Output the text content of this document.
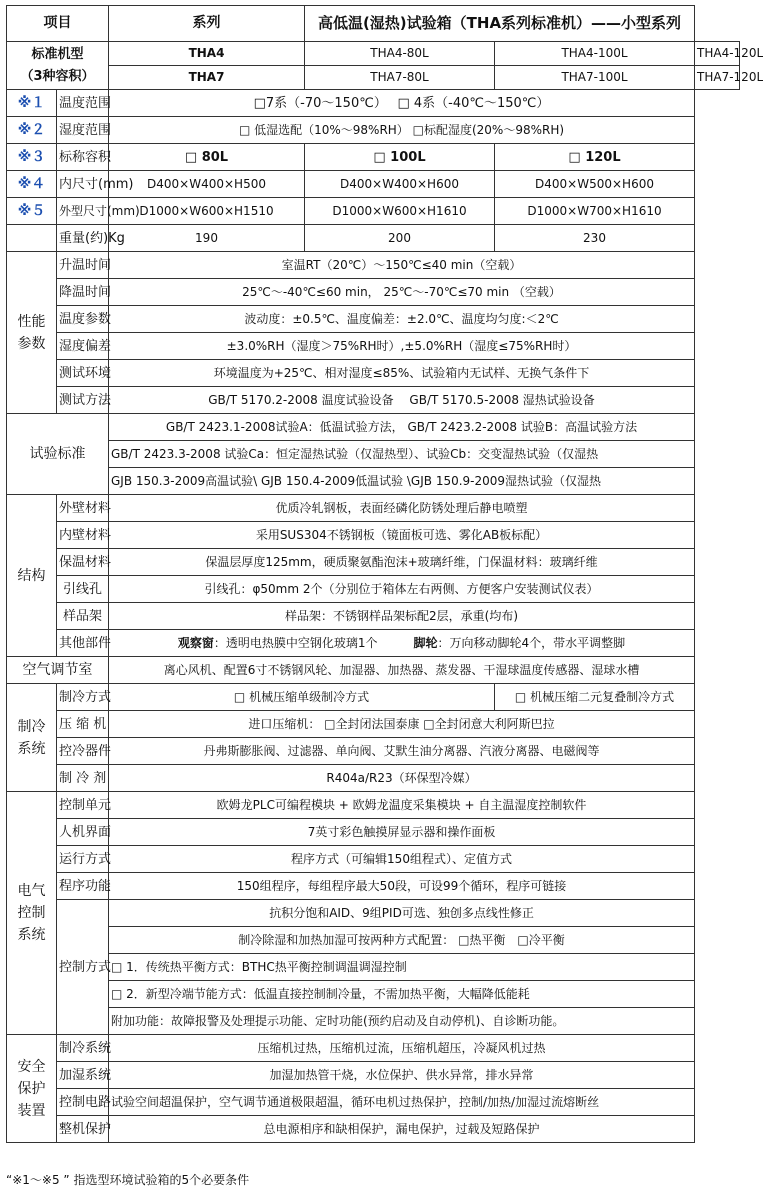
项目		系列	高低温(湿热)试验箱（THA系列标准机）——小型系列		
标准机型
（3种容积）		THA4	THA4-80L	THA4-100L	THA4-120L
		THA7	THA7-80L	THA7-100L	THA7-120L
※１	温度范围	□7系（-70～150℃）　 □ 4系（-40℃～150℃）			
※２	湿度范围	□ 低湿选配（10%～98%RH） □标配湿度(20%～98%RH)			
※３	标称容积	□ 80L	□ 100L	□ 120L	
※４	内尺寸(mm)	D400×W400×H500	D400×W400×H600	D400×W500×H600	
※５	外型尺寸(mm)	D1000×W600×H1510	D1000×W600×H1610	D1000×W700×H1610	
	重量(约)Kg	190	200	230	
性能
参数	升温时间	室温RT（20℃）～150℃≤40 min（空载）			
	降温时间	25℃～-40℃≤60 min， 25℃～-70℃≤70 min （空载）			
	温度参数	波动度：±0.5℃、温度偏差：±2.0℃、温度均匀度:＜2℃			
	湿度偏差	±3.0%RH（湿度＞75%RH时）,±5.0%RH（湿度≤75%RH时）			
	测试环境	环境温度为+25℃、相对湿度≤85%、试验箱内无试样、无换气条件下			
	测试方法	GB/T 5170.2-2008 温度试验设备　 GB/T 5170.5-2008 湿热试验设备			
试验标准		GB/T 2423.1-2008试验A：低温试验方法， GB/T 2423.2-2008 试验B：高温试验方法			
		GB/T 2423.3-2008 试验Ca：恒定湿热试验（仅湿热型）、试验Cb：交变湿热试验（仅湿热			
		GJB 150.3-2009高温试验\ GJB 150.4-2009低温试验 \GJB 150.9-2009湿热试验（仅湿热			
结构	外壁材料	优质冷轧钢板，表面经磷化防锈处理后静电喷塑			
	内壁材料	采用SUS304不锈钢板（镜面板可选、雾化AB板标配）			
	保温材料	保温层厚度125mm，硬质聚氨酯泡沫+玻璃纤维，门保温材料：玻璃纤维			
	引线孔	引线孔：φ50mm 2个（分别位于箱体左右两侧、方便客户安装测试仪表）			
	样品架	样品架：不锈钢样品架标配2层，承重(均布)			
	其他部件	观察窗：透明电热膜中空钢化玻璃1个　　　 脚轮：万向移动脚轮4个，带水平调整脚			
空气调节室		离心风机、配置6寸不锈钢风轮、加湿器、加热器、蒸发器、干湿球温度传感器、湿球水槽			
制冷
系统	制冷方式	□ 机械压缩单级制冷方式		□ 机械压缩二元复叠制冷方式	
	压 缩 机	进口压缩机： □全封闭法国泰康 □全封闭意大利阿斯巴拉			
	控冷器件	丹弗斯膨胀阀、过滤器、单向阀、艾默生油分离器、汽液分离器、电磁阀等			
	制 冷 剂	R404a/R23（环保型冷媒）			
电气
控制
系统	控制单元	欧姆龙PLC可编程模块 + 欧姆龙温度采集模块 + 自主温湿度控制软件			
	人机界面	7英寸彩色触摸屏显示器和操作面板			
	运行方式	程序方式（可编辑150组程式）、定值方式			
	程序功能	150组程序，每组程序最大50段，可设99个循环，程序可链接			
	控制方式	抗积分饱和AID、9组PID可选、独创多点线性修正			
		制冷除湿和加热加湿可按两种方式配置： □热平衡　□冷平衡			
		□ 1．传统热平衡方式：BTHC热平衡控制调温调湿控制			
		□ 2．新型冷端节能方式：低温直接控制制冷量，不需加热平衡，大幅降低能耗			
		附加功能：故障报警及处理提示功能、定时功能(预约启动及自动停机)、自诊断功能。			
安全
保护
装置	制冷系统	压缩机过热，压缩机过流，压缩机超压，冷凝风机过热			
	加湿系统	加湿加热管干烧，水位保护、供水异常，排水异常			
	控制电路	试验空间超温保护，空气调节通道极限超温，循环电机过热保护，控制/加热/加湿过流熔断丝			
	整机保护	总电源相序和缺相保护，漏电保护，过载及短路保护			
“※1～※5 ” 指选型环境试验箱的5个必要条件
